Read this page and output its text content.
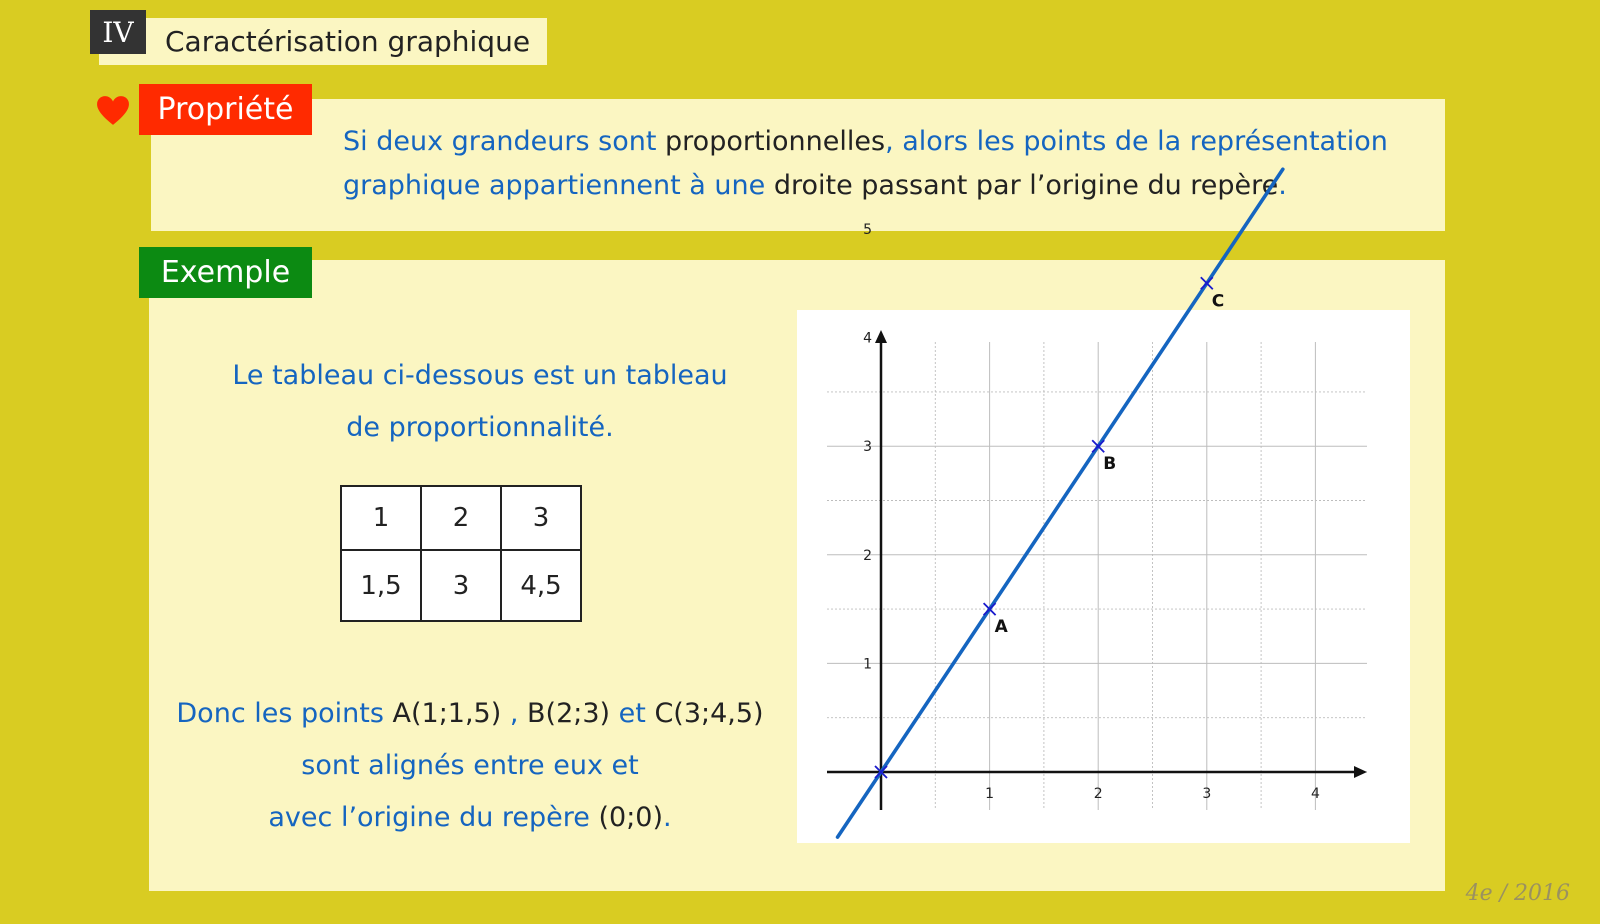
Caractérisation graphique
IV
Propriété
Si deux grandeurs sont proportionnelles, alors les points de la représentation graphique appartiennent à une droite passant par l’origine du repère.
Exemple
Le tableau ci-dessous est un tableau
de proportionnalité.
1	2	3
1,5	3	4,5
Donc les points A(1;1,5) , B(2;3) et C(3;4,5)
sont alignés entre eux et
avec l’origine du repère (0;0).
1	2	3	4
1
2
3
4
5
A
B
C
4e / 2016
